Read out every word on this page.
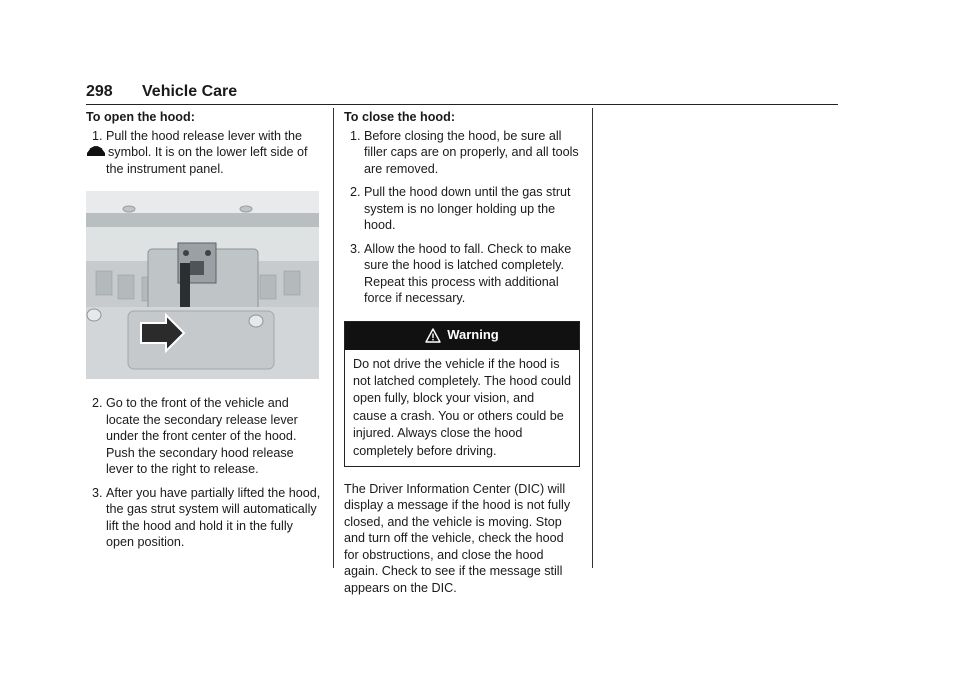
298 Vehicle Care
To open the hood:
1. Pull the hood release lever with the
symbol. It is on the lower left side of the instrument panel.
2. Go to the front of the vehicle and locate the secondary release lever under the front center of the hood. Push the secondary hood release lever to the right to release.
3. After you have partially lifted the hood, the gas strut system will automatically lift the hood and hold it in the fully open position.
To close the hood:
1. Before closing the hood, be sure all filler caps are on properly, and all tools are removed.
2. Pull the hood down until the gas strut system is no longer holding up the hood.
3. Allow the hood to fall. Check to make sure the hood is latched completely. Repeat this process with additional force if necessary.
Warning
Do not drive the vehicle if the hood is not latched completely. The hood could open fully, block your vision, and cause a crash. You or others could be injured. Always close the hood completely before driving.

The Driver Information Center (DIC) will display a message if the hood is not fully closed, and the vehicle is moving. Stop and turn off the vehicle, check the hood for obstructions, and close the hood again. Check to see if the message still appears on the DIC.
